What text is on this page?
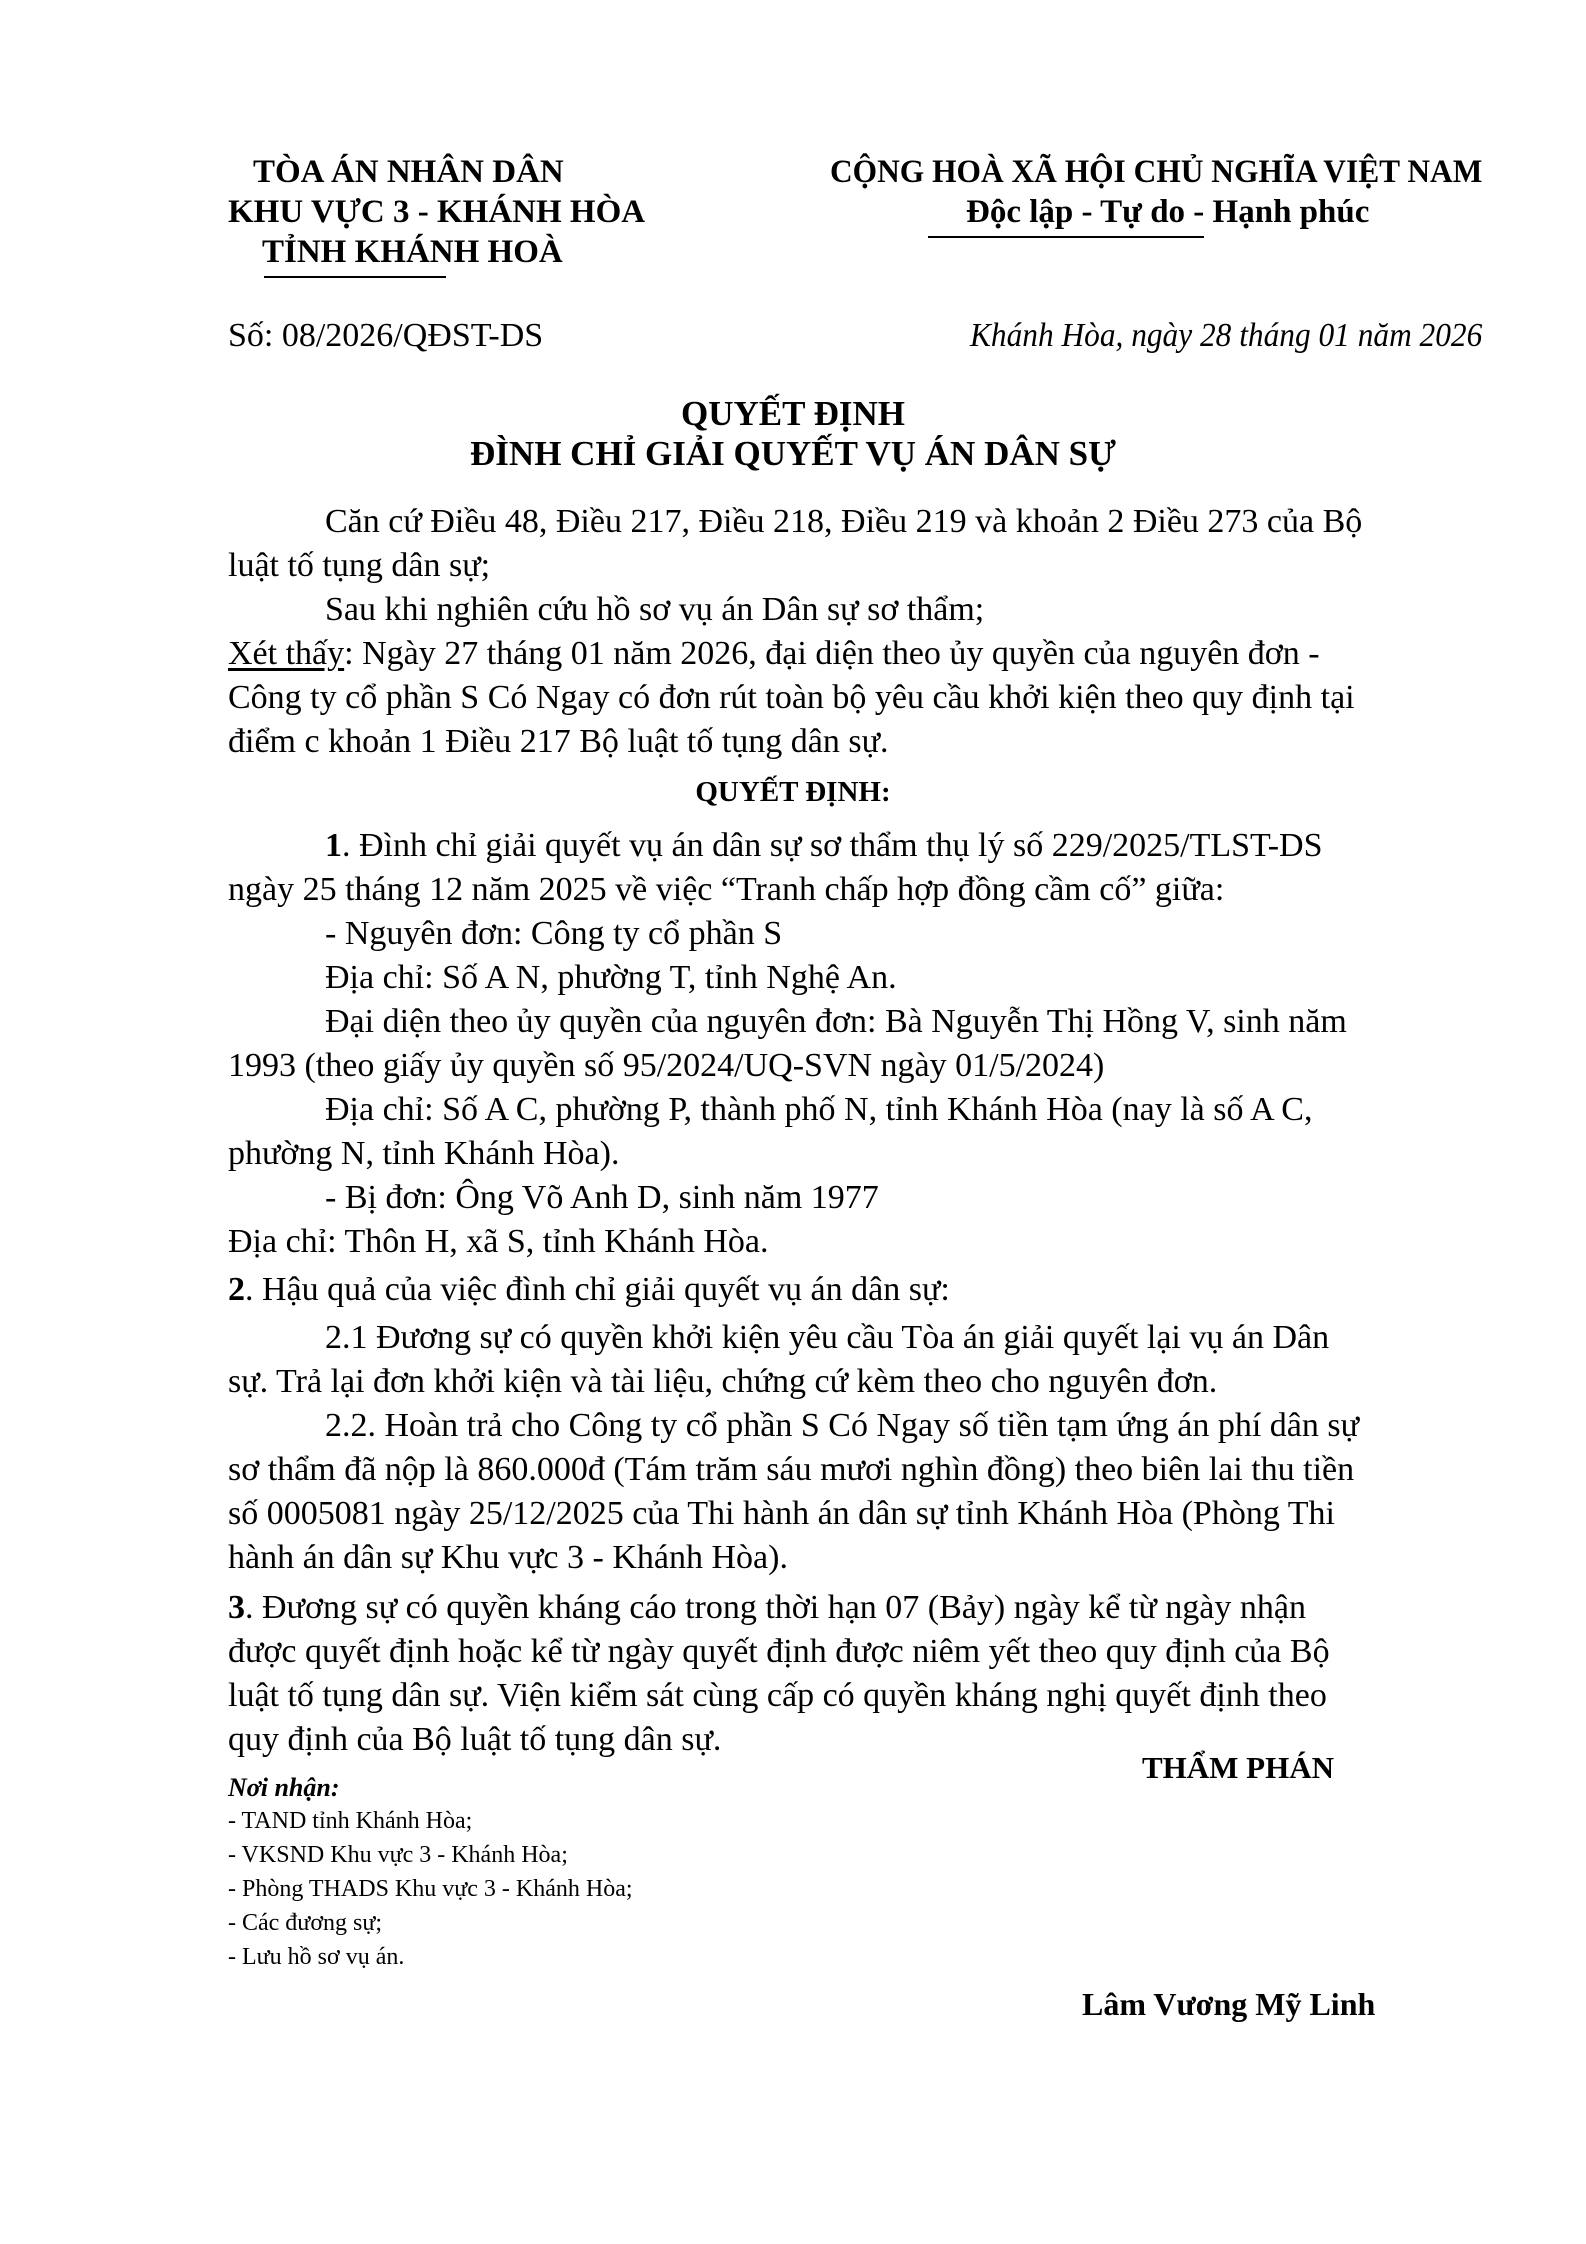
TÒA ÁN NHÂN DÂN
KHU VỰC 3 - KHÁNH HÒA
TỈNH KHÁNH HOÀ
CỘNG HOÀ XÃ HỘI CHỦ NGHĨA VIỆT NAM
Độc lập - Tự do - Hạnh phúc
Số: 08/2026/QĐST-DS	Khánh Hòa, ngày 28 tháng 01 năm 2026
QUYẾT ĐỊNH
ĐÌNH CHỈ GIẢI QUYẾT VỤ ÁN DÂN SỰ
Căn cứ Điều 48, Điều 217, Điều 218, Điều 219 và khoản 2 Điều 273 của Bộ
luật tố tụng dân sự;
Sau khi nghiên cứu hồ sơ vụ án Dân sự sơ thẩm;
Xét thấy: Ngày 27 tháng 01 năm 2026, đại diện theo ủy quyền của nguyên đơn -
Công ty cổ phần S Có Ngay có đơn rút toàn bộ yêu cầu khởi kiện theo quy định tại
điểm c khoản 1 Điều 217 Bộ luật tố tụng dân sự.
QUYẾT ĐỊNH:
1. Đình chỉ giải quyết vụ án dân sự sơ thẩm thụ lý số 229/2025/TLST-DS
ngày 25 tháng 12 năm 2025 về việc “Tranh chấp hợp đồng cầm cố” giữa:
- Nguyên đơn: Công ty cổ phần S
Địa chỉ: Số A N, phường T, tỉnh Nghệ An.
Đại diện theo ủy quyền của nguyên đơn: Bà Nguyễn Thị Hồng V, sinh năm
1993 (theo giấy ủy quyền số 95/2024/UQ-SVN ngày 01/5/2024)
Địa chỉ: Số A C, phường P, thành phố N, tỉnh Khánh Hòa (nay là số A C,
phường N, tỉnh Khánh Hòa).
- Bị đơn: Ông Võ Anh D, sinh năm 1977
Địa chỉ: Thôn H, xã S, tỉnh Khánh Hòa.
2. Hậu quả của việc đình chỉ giải quyết vụ án dân sự:
2.1 Đương sự có quyền khởi kiện yêu cầu Tòa án giải quyết lại vụ án Dân
sự. Trả lại đơn khởi kiện và tài liệu, chứng cứ kèm theo cho nguyên đơn.
2.2. Hoàn trả cho Công ty cổ phần S Có Ngay số tiền tạm ứng án phí dân sự
sơ thẩm đã nộp là 860.000đ (Tám trăm sáu mươi nghìn đồng) theo biên lai thu tiền
số 0005081 ngày 25/12/2025 của Thi hành án dân sự tỉnh Khánh Hòa (Phòng Thi
hành án dân sự Khu vực 3 - Khánh Hòa).
3. Đương sự có quyền kháng cáo trong thời hạn 07 (Bảy) ngày kể từ ngày nhận
được quyết định hoặc kể từ ngày quyết định được niêm yết theo quy định của Bộ
luật tố tụng dân sự. Viện kiểm sát cùng cấp có quyền kháng nghị quyết định theo
quy định của Bộ luật tố tụng dân sự.
THẨM PHÁN
Lâm Vương Mỹ Linh
Nơi nhận:
- TAND tỉnh Khánh Hòa;
- VKSND Khu vực 3 - Khánh Hòa;
- Phòng THADS Khu vực 3 - Khánh Hòa;
- Các đương sự;
- Lưu hồ sơ vụ án.
